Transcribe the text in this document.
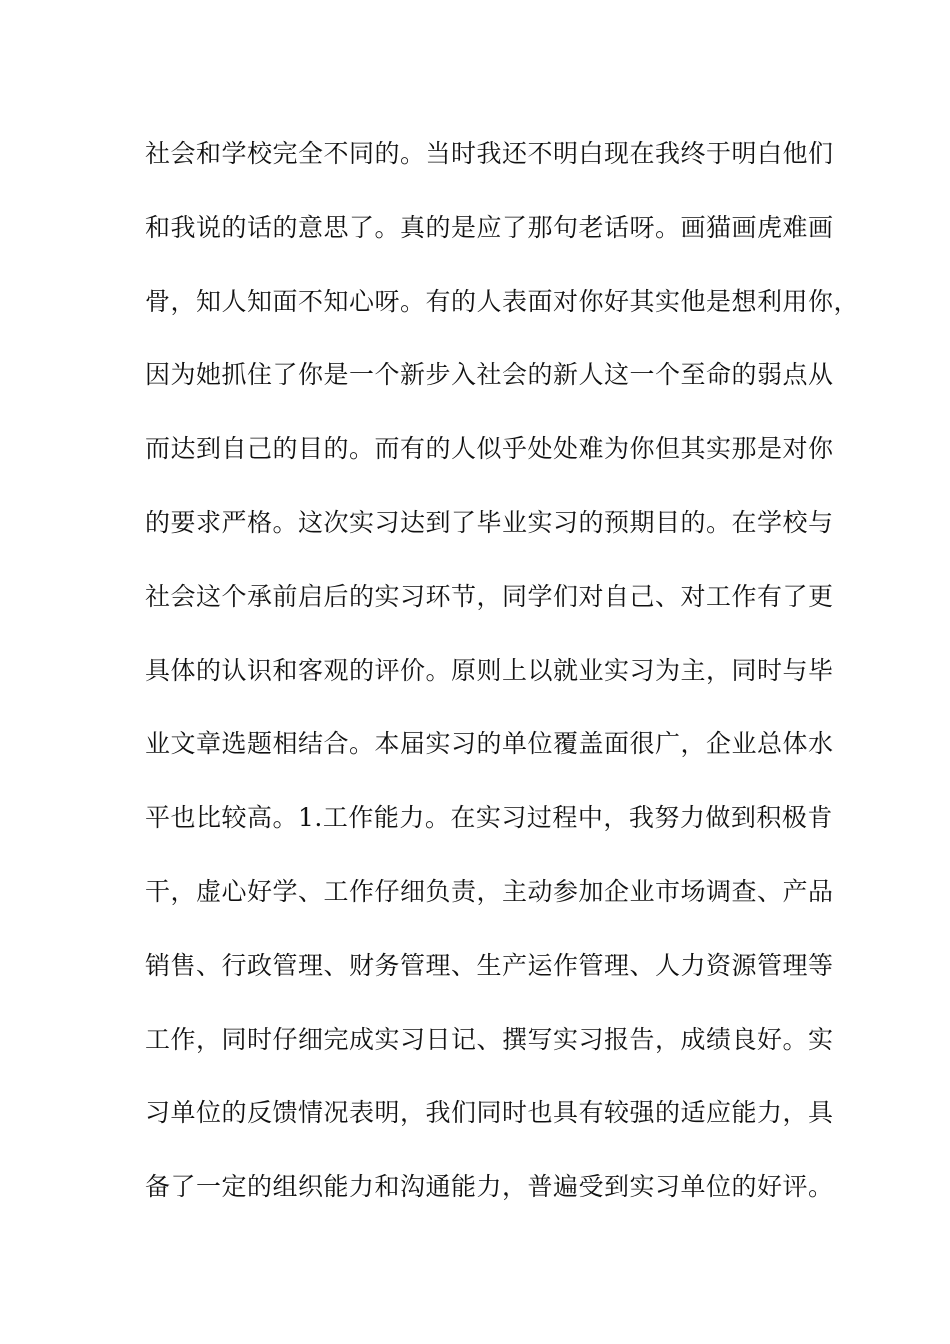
社会和学校完全不同的。当时我还不明白现在我终于明白他们
和我说的话的意思了。真的是应了那句老话呀。画猫画虎难画
骨，知人知面不知心呀。有的人表面对你好其实他是想利用你，
因为她抓住了你是一个新步入社会的新人这一个至命的弱点从
而达到自己的目的。而有的人似乎处处难为你但其实那是对你
的要求严格。这次实习达到了毕业实习的预期目的。在学校与
社会这个承前启后的实习环节，同学们对自己、对工作有了更
具体的认识和客观的评价。原则上以就业实习为主，同时与毕
业文章选题相结合。本届实习的单位覆盖面很广，企业总体水
平也比较高。1.工作能力。在实习过程中，我努力做到积极肯
干，虚心好学、工作仔细负责，主动参加企业市场调查、产品
销售、行政管理、财务管理、生产运作管理、人力资源管理等
工作，同时仔细完成实习日记、撰写实习报告，成绩良好。实
习单位的反馈情况表明，我们同时也具有较强的适应能力，具
备了一定的组织能力和沟通能力，普遍受到实习单位的好评。
